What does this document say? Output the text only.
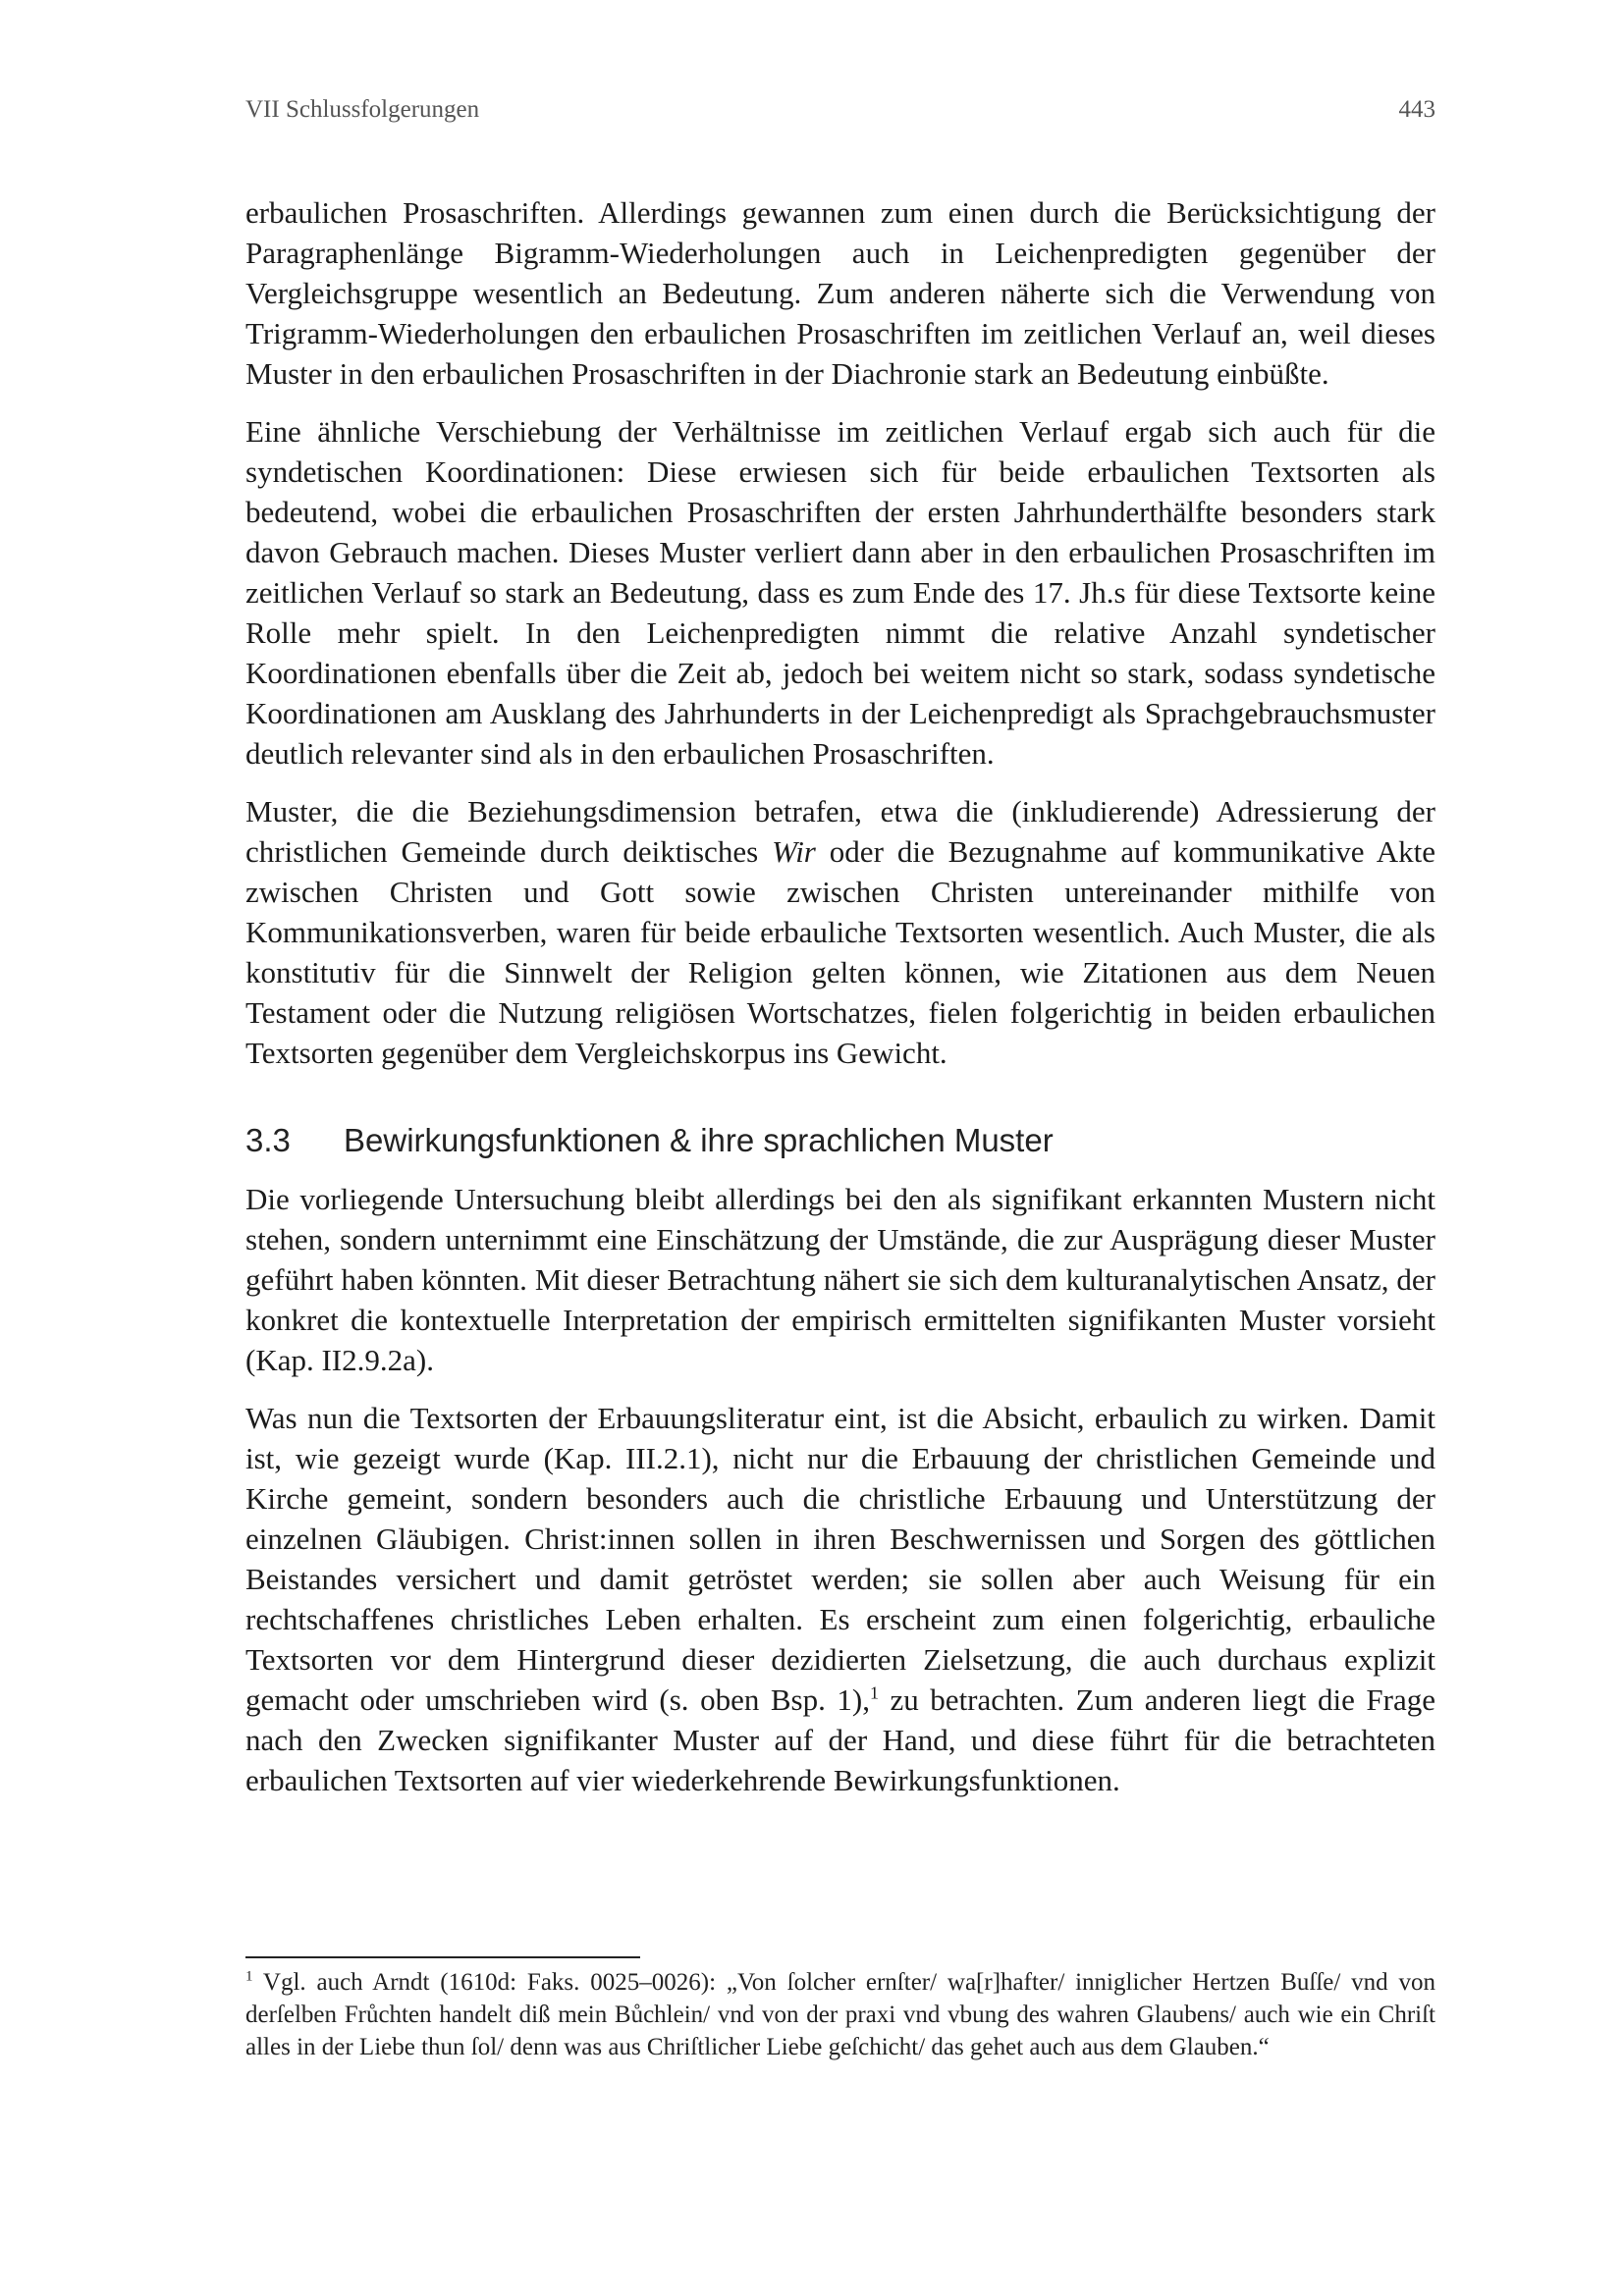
VII Schlussfolgerungen	443

erbaulichen Prosaschriften. Allerdings gewannen zum einen durch die Berücksichtigung der Paragraphenlänge Bigramm-Wiederholungen auch in Leichenpredigten gegenüber der Vergleichsgruppe wesentlich an Bedeutung. Zum anderen näherte sich die Verwendung von Trigramm-Wiederholungen den erbaulichen Prosaschriften im zeitlichen Verlauf an, weil dieses Muster in den erbaulichen Prosaschriften in der Diachronie stark an Bedeutung einbüßte.

Eine ähnliche Verschiebung der Verhältnisse im zeitlichen Verlauf ergab sich auch für die syndetischen Koordinationen: Diese erwiesen sich für beide erbaulichen Textsorten als bedeutend, wobei die erbaulichen Prosaschriften der ersten Jahrhunderthälfte besonders stark davon Gebrauch machen. Dieses Muster verliert dann aber in den erbaulichen Prosaschriften im zeitlichen Verlauf so stark an Bedeutung, dass es zum Ende des 17. Jh.s für diese Textsorte keine Rolle mehr spielt. In den Leichenpredigten nimmt die relative Anzahl syndetischer Koordinationen ebenfalls über die Zeit ab, jedoch bei weitem nicht so stark, sodass syndetische Koordinationen am Ausklang des Jahrhunderts in der Leichenpredigt als Sprachgebrauchsmuster deutlich relevanter sind als in den erbaulichen Prosaschriften.

Muster, die die Beziehungsdimension betrafen, etwa die (inkludierende) Adressierung der christlichen Gemeinde durch deiktisches Wir oder die Bezugnahme auf kommunikative Akte zwischen Christen und Gott sowie zwischen Christen untereinander mithilfe von Kommunikationsverben, waren für beide erbauliche Textsorten wesentlich. Auch Muster, die als konstitutiv für die Sinnwelt der Religion gelten können, wie Zitationen aus dem Neuen Testament oder die Nutzung religiösen Wortschatzes, fielen folgerichtig in beiden erbaulichen Textsorten gegenüber dem Vergleichskorpus ins Gewicht.

3.3	Bewirkungsfunktionen & ihre sprachlichen Muster

Die vorliegende Untersuchung bleibt allerdings bei den als signifikant erkannten Mustern nicht stehen, sondern unternimmt eine Einschätzung der Umstände, die zur Ausprägung dieser Muster geführt haben könnten. Mit dieser Betrachtung nähert sie sich dem kulturanalytischen Ansatz, der konkret die kontextuelle Interpretation der empirisch ermittelten signifikanten Muster vorsieht (Kap. II2.9.2a).

Was nun die Textsorten der Erbauungsliteratur eint, ist die Absicht, erbaulich zu wirken. Damit ist, wie gezeigt wurde (Kap. III.2.1), nicht nur die Erbauung der christlichen Gemeinde und Kirche gemeint, sondern besonders auch die christliche Erbauung und Unterstützung der einzelnen Gläubigen. Christ:innen sollen in ihren Beschwernissen und Sorgen des göttlichen Beistandes versichert und damit getröstet werden; sie sollen aber auch Weisung für ein rechtschaffenes christliches Leben erhalten. Es erscheint zum einen folgerichtig, erbauliche Textsorten vor dem Hintergrund dieser dezidierten Zielsetzung, die auch durchaus explizit gemacht oder umschrieben wird (s. oben Bsp. 1),$^1$ zu betrachten. Zum anderen liegt die Frage nach den Zwecken signifikanter Muster auf der Hand, und diese führt für die betrachteten erbaulichen Textsorten auf vier wiederkehrende Bewirkungsfunktionen.

$^1$ Vgl. auch Arndt (1610d: Faks. 0025–0026): „Von ſolcher ernſter/ wa[r]hafter/ inniglicher Hertzen Buſſe/ vnd von derſelben Frůchten handelt diß mein Bůchlein/ vnd von der praxi vnd vbung des wahren Glaubens/ auch wie ein Chriſt alles in der Liebe thun ſol/ denn was aus Chriſtlicher Liebe geſchicht/ das gehet auch aus dem Glauben.“
